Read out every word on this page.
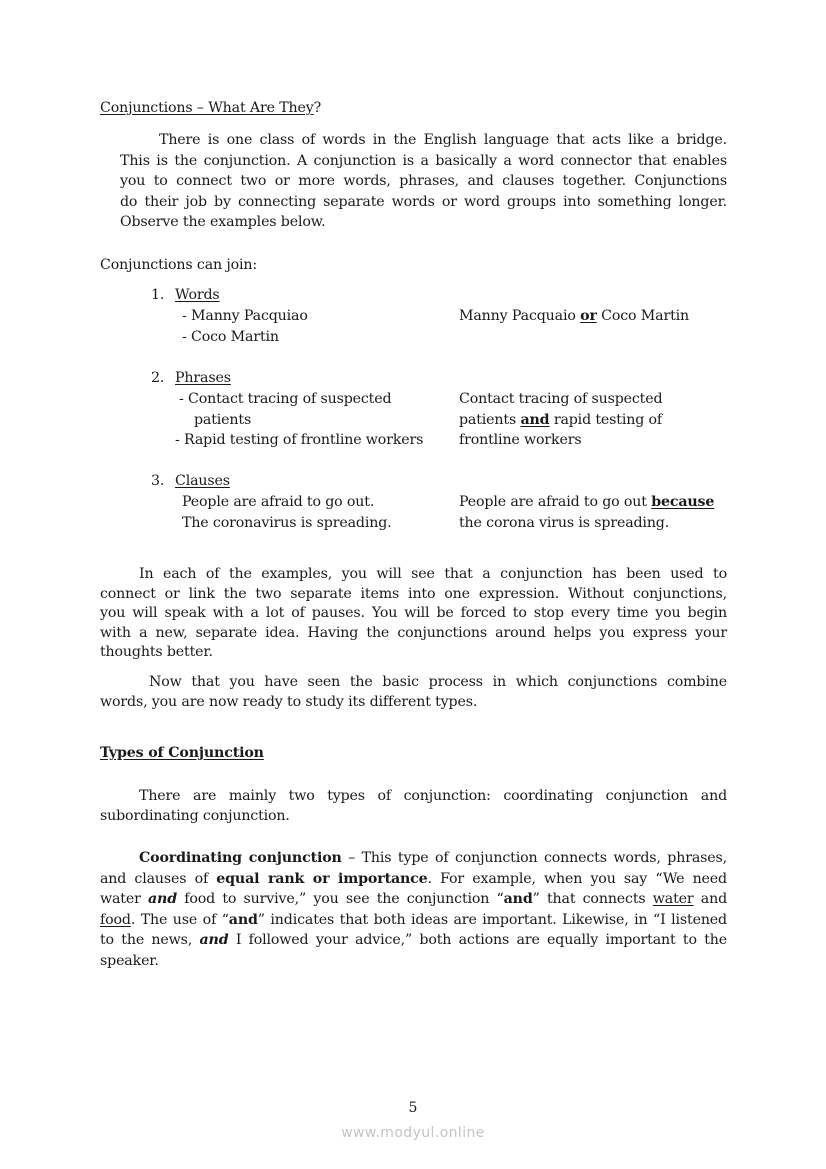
Conjunctions – What Are They?
There is one class of words in the English language that acts like a bridge.
This is the conjunction. A conjunction is a basically a word connector that enables
you to connect two or more words, phrases, and clauses together. Conjunctions
do their job by connecting separate words or word groups into something longer.
Observe the examples below.
Conjunctions can join:
1. Words
- Manny Pacquiao
- Coco Martin
Manny Pacquaio or Coco Martin
2. Phrases
- Contact tracing of suspected
patients
- Rapid testing of frontline workers
Contact tracing of suspected
patients and rapid testing of
frontline workers
3. Clauses
People are afraid to go out.
The coronavirus is spreading.
People are afraid to go out because
the corona virus is spreading.
In each of the examples, you will see that a conjunction has been used to
connect or link the two separate items into one expression. Without conjunctions,
you will speak with a lot of pauses. You will be forced to stop every time you begin
with a new, separate idea. Having the conjunctions around helps you express your
thoughts better.
Now that you have seen the basic process in which conjunctions combine
words, you are now ready to study its different types.
Types of Conjunction
There are mainly two types of conjunction: coordinating conjunction and
subordinating conjunction.
Coordinating conjunction – This type of conjunction connects words, phrases,
and clauses of equal rank or importance. For example, when you say “We need
water and food to survive,” you see the conjunction “and” that connects water and
food. The use of “and” indicates that both ideas are important. Likewise, in “I listened
to the news, and I followed your advice,” both actions are equally important to the
speaker.
5
www.modyul.online
